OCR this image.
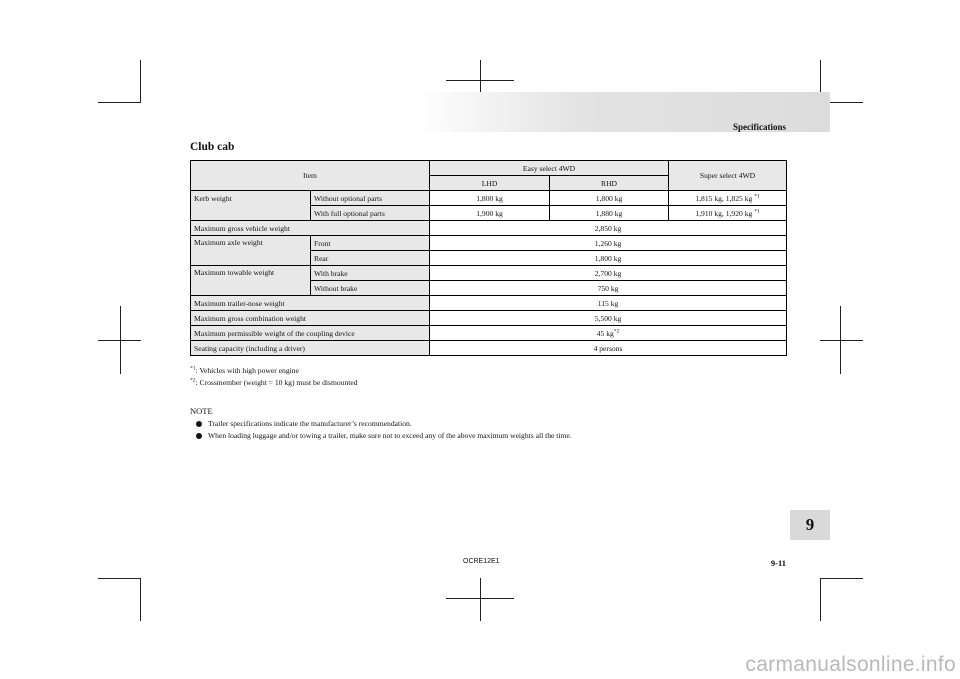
Specifications
Club cab
Item		Easy select 4WD		Super select 4WD
		LHD	RHD	
Kerb weight	Without optional parts	1,800 kg	1,800 kg	1,815 kg, 1,825 kg $^{*1}$
	With full optional parts	1,900 kg	1,880 kg	1,910 kg, 1,920 kg $^{*1}$
Maximum gross vehicle weight		2,850 kg		
Maximum axle weight	Front	1,260 kg		
	Rear	1,800 kg		
Maximum towable weight	With brake	2,700 kg		
	Without brake	750 kg		
Maximum trailer-nose weight		115 kg		
Maximum gross combination weight		5,500 kg		
Maximum permissible weight of the coupling device		45 $kg^{*2}$
Seating capacity (including a driver)		4 persons		
$^{*1}$: Vehicles with high power engine
$^{*2}$: Crossmember (weight = 10 kg) must be dismounted
NOTE
Trailer specifications indicate the manufacturer’s recommendation.
When loading luggage and/or towing a trailer, make sure not to exceed any of the above maximum weights all the time.
9
OCRE12E1	9-11
carmanualsonline.info
